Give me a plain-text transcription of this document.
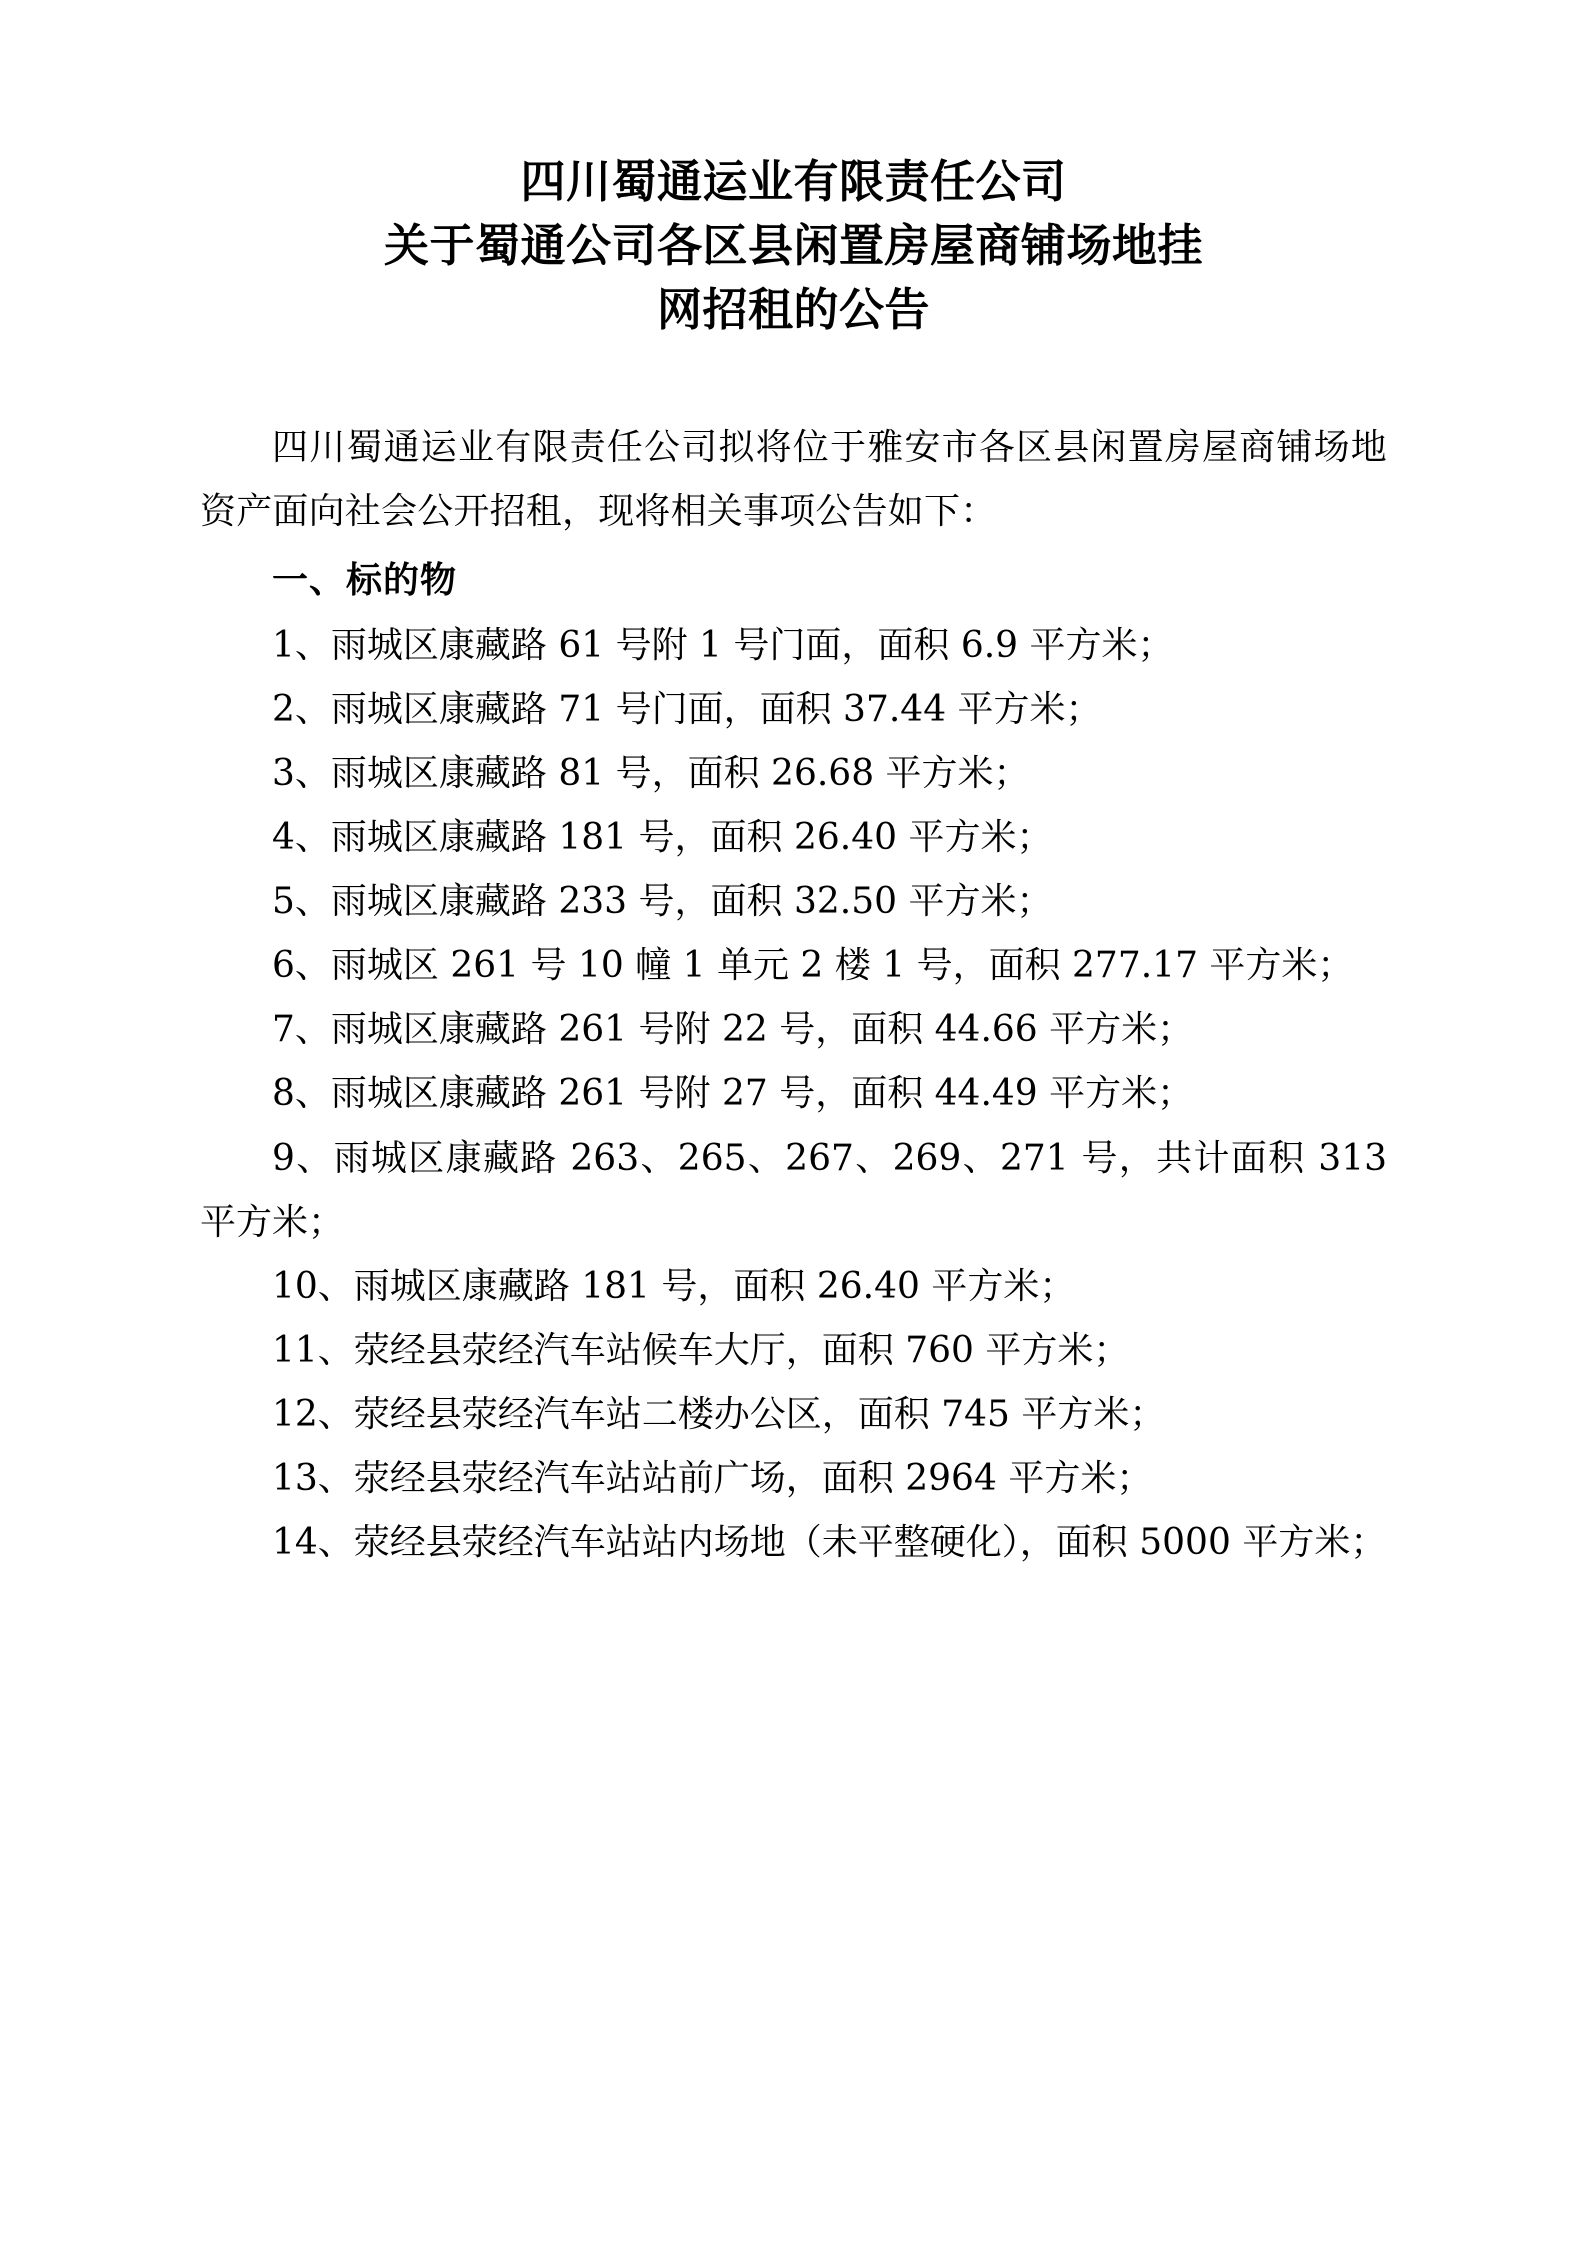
四川蜀通运业有限责任公司
关于蜀通公司各区县闲置房屋商铺场地挂
网招租的公告

四川蜀通运业有限责任公司拟将位于雅安市各区县闲置房屋商铺场地资产面向社会公开招租，现将相关事项公告如下：

一、标的物

1、雨城区康藏路 61 号附 1 号门面，面积 6.9 平方米；

2、雨城区康藏路 71 号门面，面积 37.44 平方米；

3、雨城区康藏路 81 号，面积 26.68 平方米；

4、雨城区康藏路 181 号，面积 26.40 平方米；

5、雨城区康藏路 233 号，面积 32.50 平方米；

6、雨城区 261 号 10 幢 1 单元 2 楼 1 号，面积 277.17 平方米；

7、雨城区康藏路 261 号附 22 号，面积 44.66 平方米；

8、雨城区康藏路 261 号附 27 号，面积 44.49 平方米；

9、雨城区康藏路 263、265、267、269、271 号，共计面积 313 平方米；

10、雨城区康藏路 181 号，面积 26.40 平方米；

11、荥经县荥经汽车站候车大厅，面积 760 平方米；

12、荥经县荥经汽车站二楼办公区，面积 745 平方米；

13、荥经县荥经汽车站站前广场，面积 2964 平方米；

14、荥经县荥经汽车站站内场地（未平整硬化），面积 5000 平方米；
